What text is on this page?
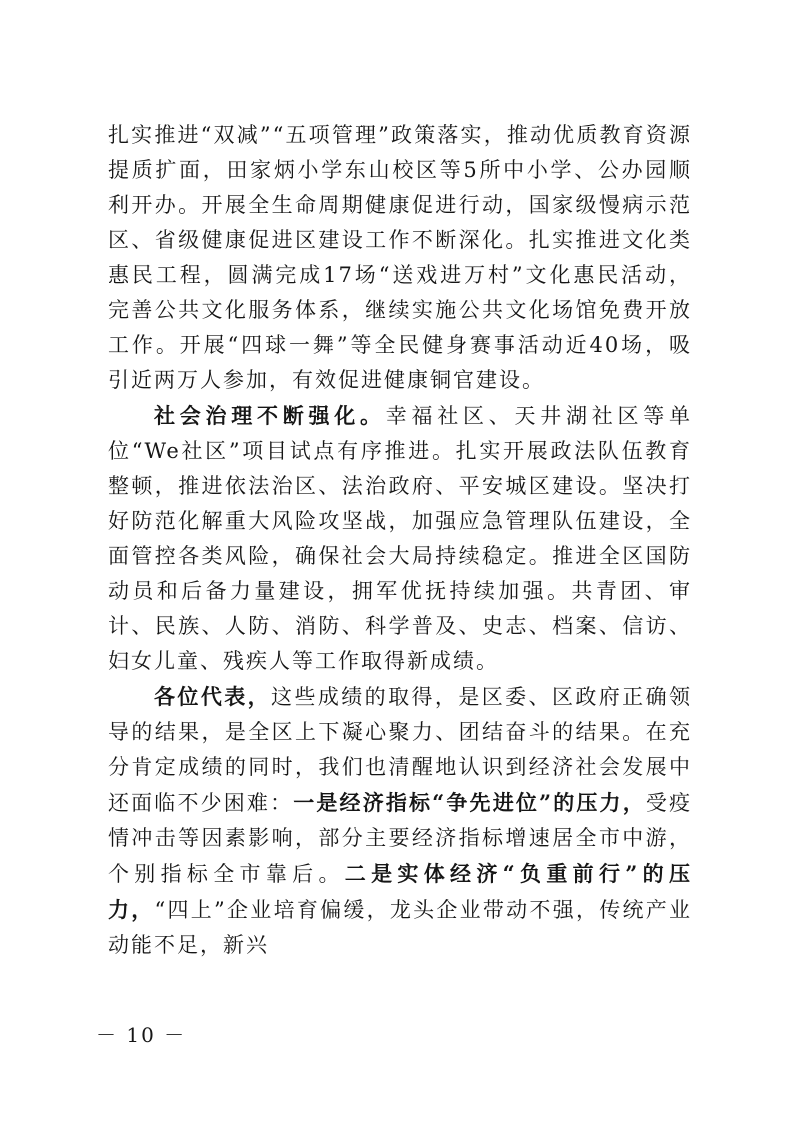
扎实推进“双减”“五项管理”政策落实，推动优质教育资源提质扩面，田家炳小学东山校区等5所中小学、公办园顺利开办。开展全生命周期健康促进行动，国家级慢病示范区、省级健康促进区建设工作不断深化。扎实推进文化类惠民工程，圆满完成17场“送戏进万村”文化惠民活动，完善公共文化服务体系，继续实施公共文化场馆免费开放工作。开展“四球一舞”等全民健身赛事活动近40场，吸引近两万人参加，有效促进健康铜官建设。

社会治理不断强化。幸福社区、天井湖社区等单位“We社区”项目试点有序推进。扎实开展政法队伍教育整顿，推进依法治区、法治政府、平安城区建设。坚决打好防范化解重大风险攻坚战，加强应急管理队伍建设，全面管控各类风险，确保社会大局持续稳定。推进全区国防动员和后备力量建设，拥军优抚持续加强。共青团、审计、民族、人防、消防、科学普及、史志、档案、信访、妇女儿童、残疾人等工作取得新成绩。

各位代表，这些成绩的取得，是区委、区政府正确领导的结果，是全区上下凝心聚力、团结奋斗的结果。在充分肯定成绩的同时，我们也清醒地认识到经济社会发展中还面临不少困难：一是经济指标“争先进位”的压力，受疫情冲击等因素影响，部分主要经济指标增速居全市中游，个别指标全市靠后。二是实体经济“负重前行”的压力，“四上”企业培育偏缓，龙头企业带动不强，传统产业动能不足，新兴

－ 10 －
